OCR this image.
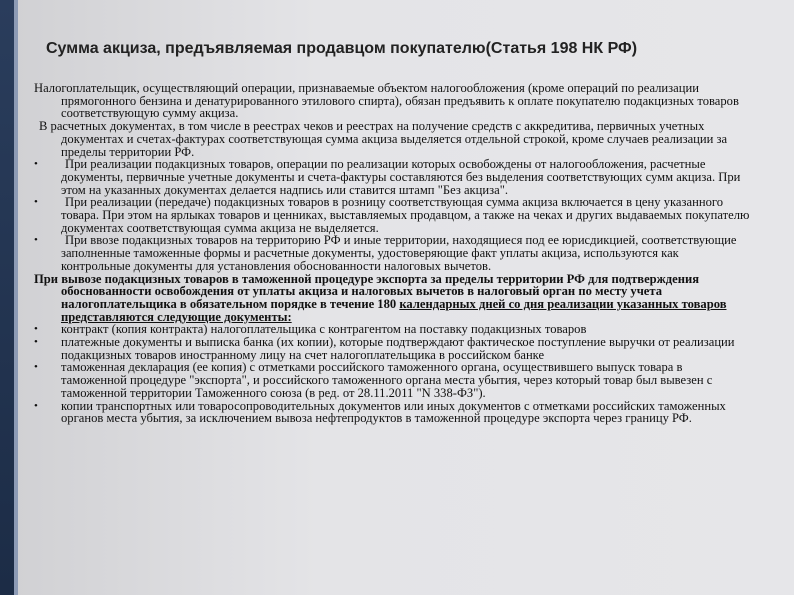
Сумма акциза, предъявляемая продавцом покупателю(Статья 198 НК РФ)

Налогоплательщик, осуществляющий операции, признаваемые объектом налогообложения (кроме операций по реализации прямогонного бензина и денатурированного этилового спирта), обязан предъявить к оплате покупателю подакцизных товаров соответствующую сумму акциза.

В расчетных документах, в том числе в реестрах чеков и реестрах на получение средств с аккредитива, первичных учетных документах и счетах-фактурах соответствующая сумма акциза выделяется отдельной строкой, кроме случаев реализации за пределы территории РФ.

• При реализации подакцизных товаров, операции по реализации которых освобождены от налогообложения, расчетные документы, первичные учетные документы и счета-фактуры составляются без выделения соответствующих сумм акциза. При этом на указанных документах делается надпись или ставится штамп "Без акциза".
• При реализации (передаче) подакцизных товаров в розницу соответствующая сумма акциза включается в цену указанного товара. При этом на ярлыках товаров и ценниках, выставляемых продавцом, а также на чеках и других выдаваемых покупателю документах соответствующая сумма акциза не выделяется.
• При ввозе подакцизных товаров на территорию РФ и иные территории, находящиеся под ее юрисдикцией, соответствующие заполненные таможенные формы и расчетные документы, удостоверяющие факт уплаты акциза, используются как контрольные документы для установления обоснованности налоговых вычетов.

При вывозе подакцизных товаров в таможенной процедуре экспорта за пределы территории РФ для подтверждения обоснованности освобождения от уплаты акциза и налоговых вычетов в налоговый орган по месту учета налогоплательщика в обязательном порядке в течение 180 календарных дней со дня реализации указанных товаров представляются следующие документы:

• контракт (копия контракта) налогоплательщика с контрагентом на поставку подакцизных товаров
• платежные документы и выписка банка (их копии), которые подтверждают фактическое поступление выручки от реализации подакцизных товаров иностранному лицу на счет налогоплательщика в российском банке
• таможенная декларация (ее копия) с отметками российского таможенного органа, осуществившего выпуск товара в таможенной процедуре "экспорта", и российского таможенного органа места убытия, через который товар был вывезен с таможенной территории Таможенного союза (в ред. от 28.11.2011 "N 338-ФЗ").
• копии транспортных или товаросопроводительных документов или иных документов с отметками российских таможенных органов места убытия, за исключением вывоза нефтепродуктов в таможенной процедуре экспорта через границу РФ.
